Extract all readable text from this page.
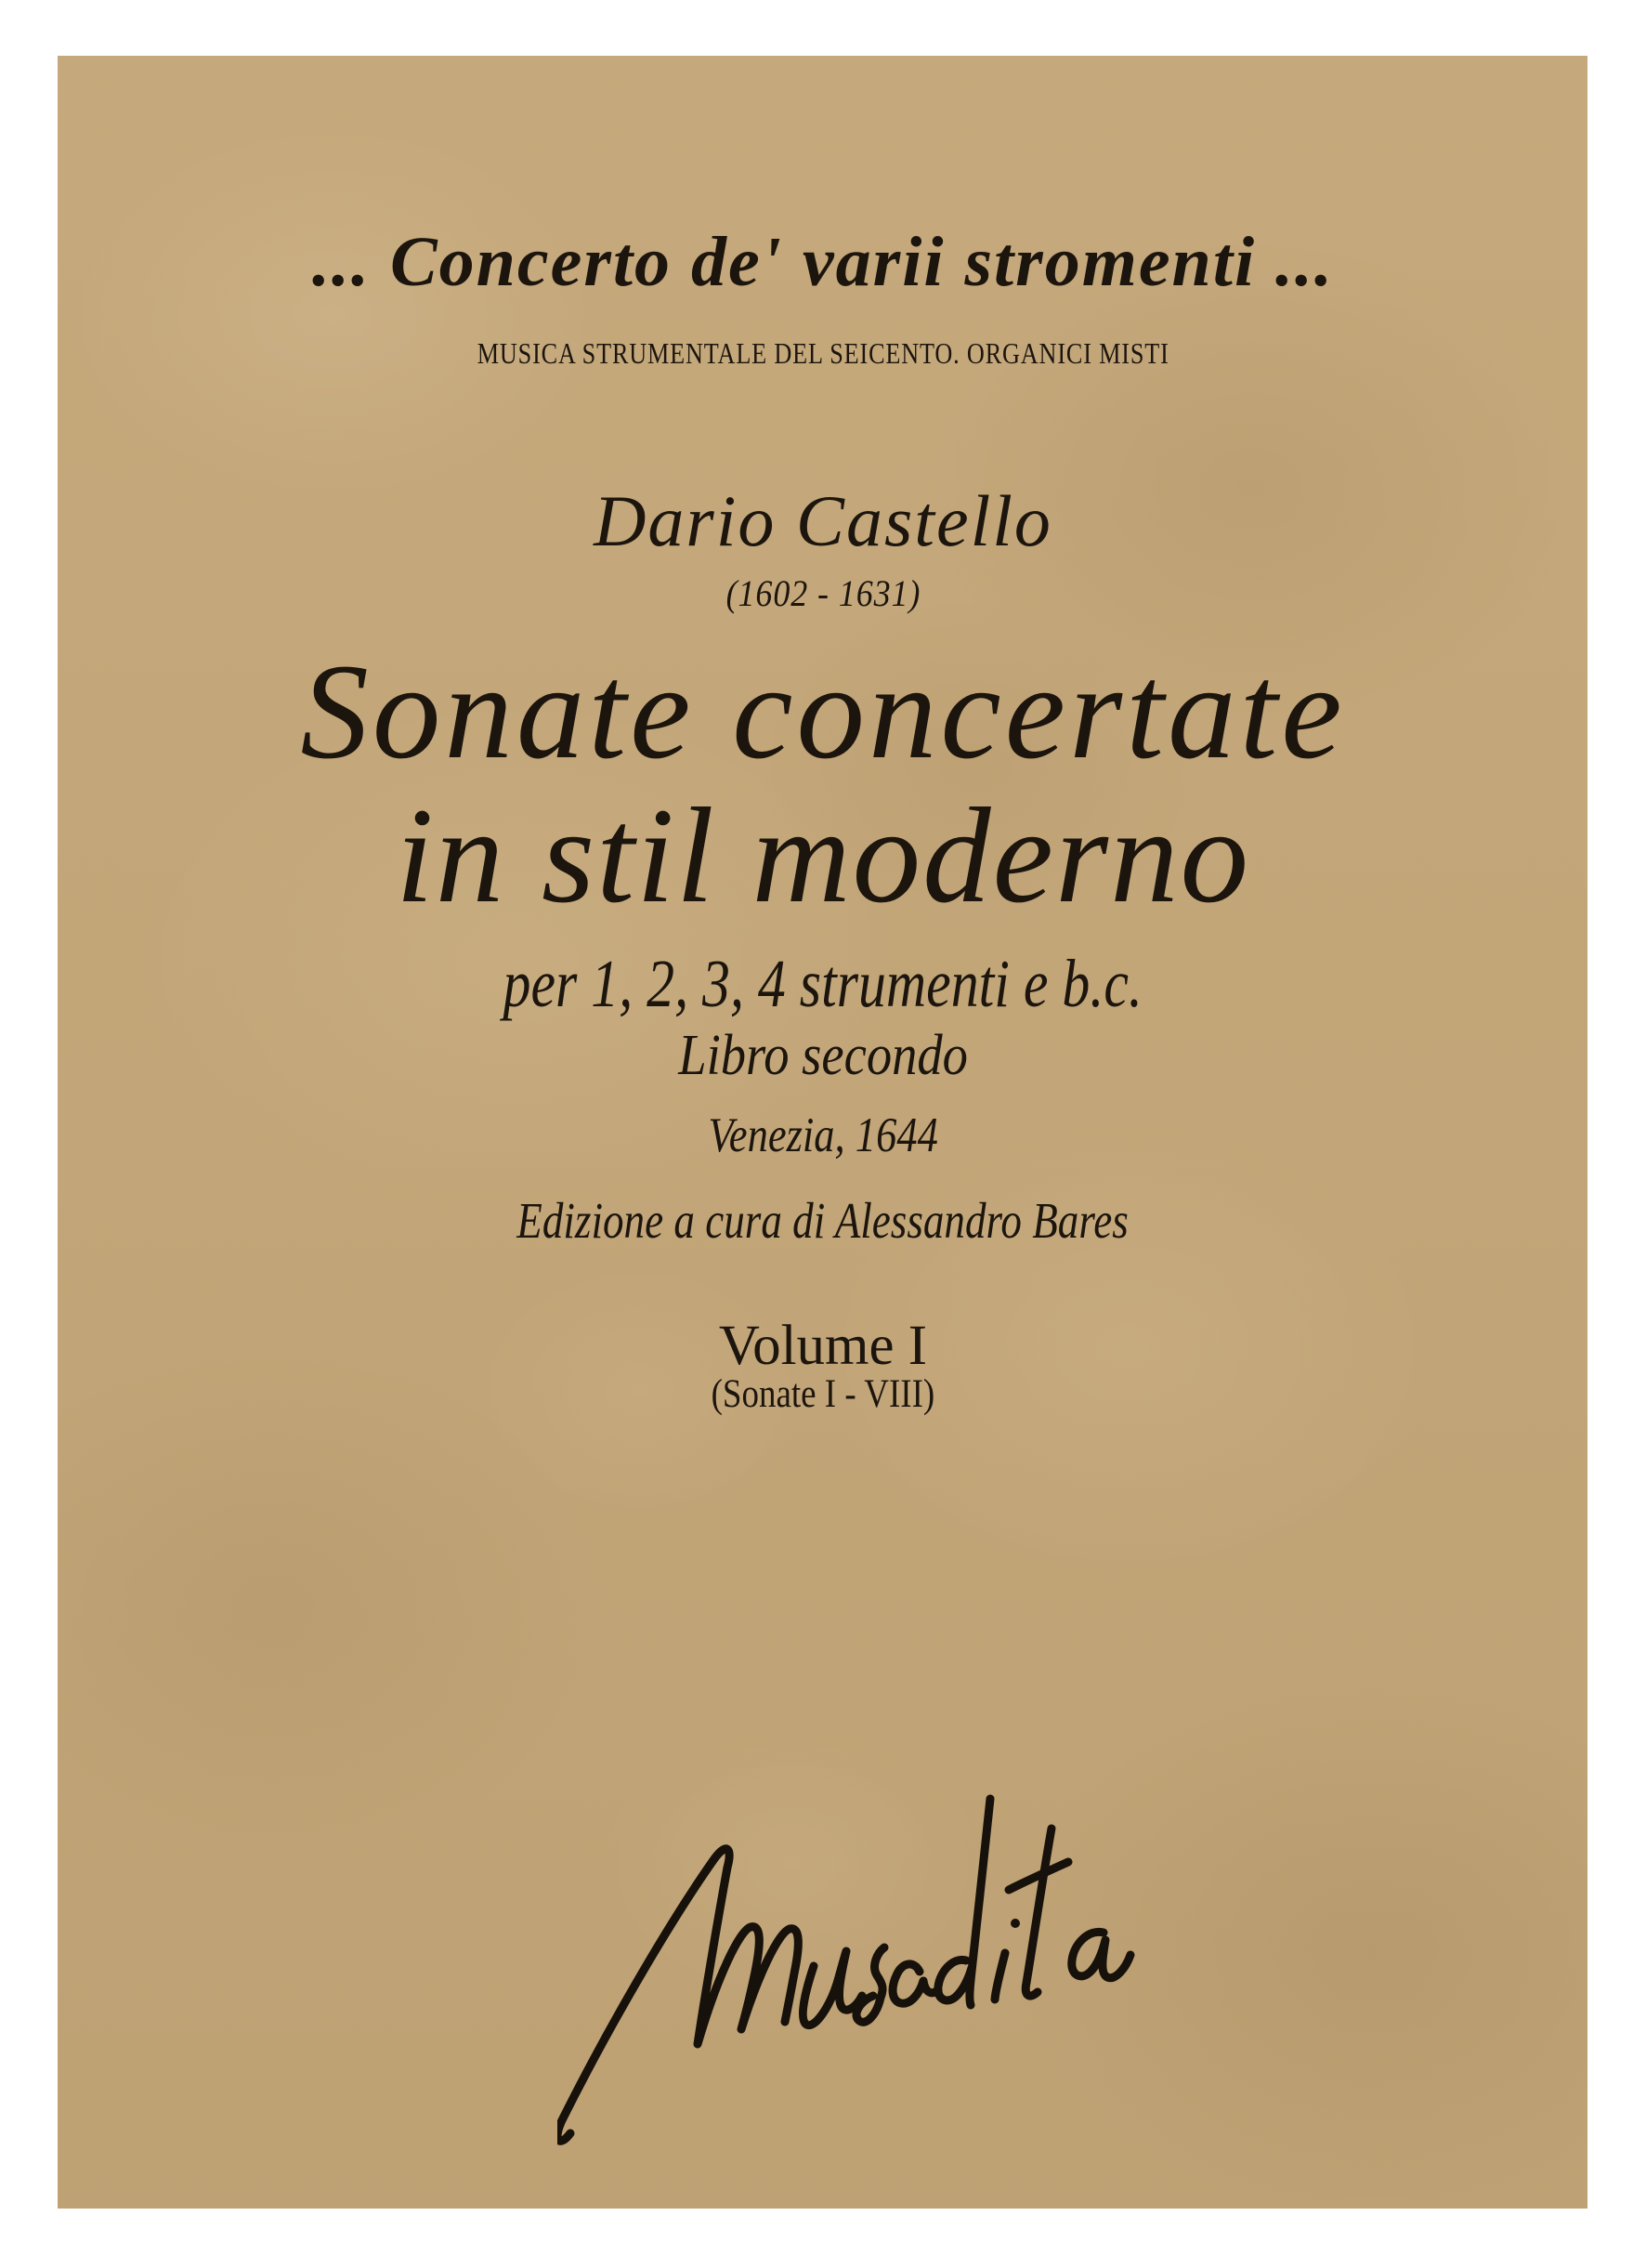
... Concerto de' varii stromenti ...
MUSICA STRUMENTALE DEL SEICENTO. ORGANICI MISTI
Dario Castello
(1602 - 1631)
Sonate concertate
in stil moderno
per 1, 2, 3, 4 strumenti e b.c.
Libro secondo
Venezia, 1644
Edizione a cura di Alessandro Bares
Volume I
(Sonate I - VIII)
